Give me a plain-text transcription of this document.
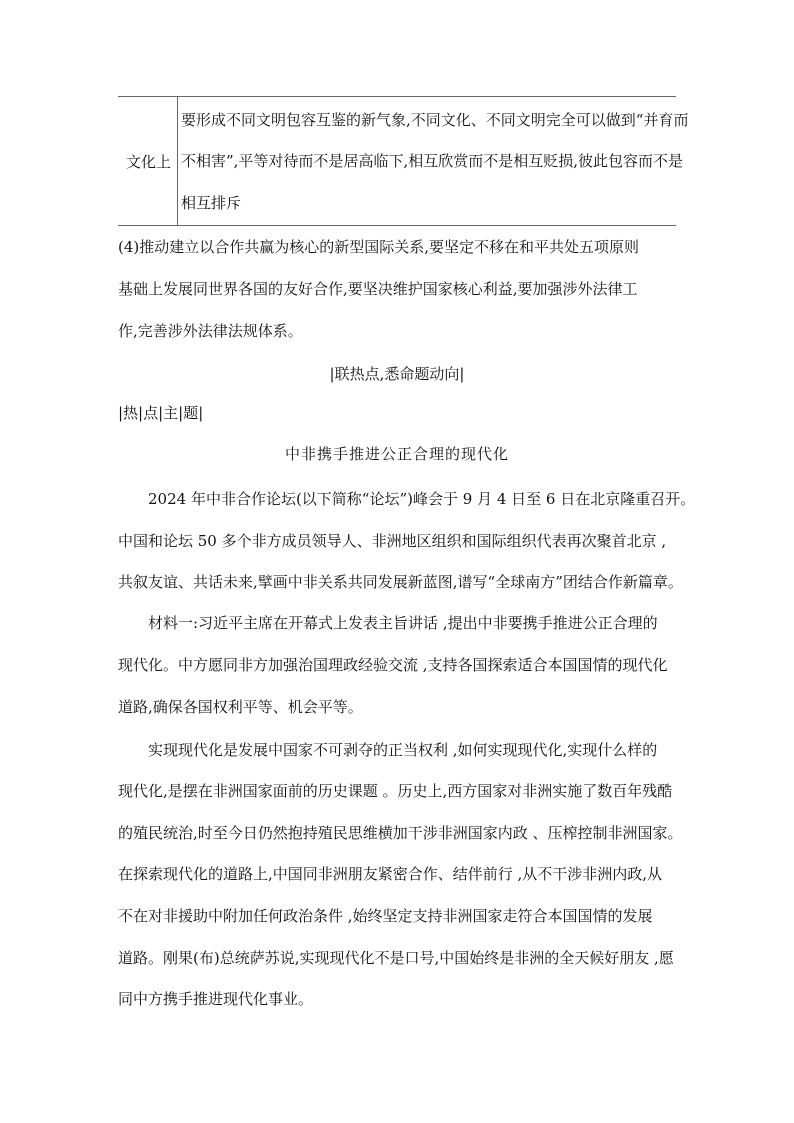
文化上
要形成不同文明包容互鉴的新气象,不同文化、不同文明完全可以做到“并育而
不相害”,平等对待而不是居高临下,相互欣赏而不是相互贬损,彼此包容而不是
相互排斥
(4)推动建立以合作共赢为核心的新型国际关系,要坚定不移在和平共处五项原则
基础上发展同世界各国的友好合作,要坚决维护国家核心利益,要加强涉外法律工
作,完善涉外法律法规体系。
|联热点,悉命题动向|
|热|点|主|题|
中非携手推进公正合理的现代化
2024 年中非合作论坛(以下简称“论坛”)峰会于 9 月 4 日至 6 日在北京隆重召开。
中国和论坛 50 多个非方成员领导人、非洲地区组织和国际组织代表再次聚首北京 ,
共叙友谊、共话未来,擘画中非关系共同发展新蓝图,谱写“全球南方”团结合作新篇章。
材料一:习近平主席在开幕式上发表主旨讲话 ,提出中非要携手推进公正合理的
现代化。中方愿同非方加强治国理政经验交流 ,支持各国探索适合本国国情的现代化
道路,确保各国权利平等、机会平等。
实现现代化是发展中国家不可剥夺的正当权利 ,如何实现现代化,实现什么样的
现代化,是摆在非洲国家面前的历史课题 。历史上,西方国家对非洲实施了数百年残酷
的殖民统治,时至今日仍然抱持殖民思维横加干涉非洲国家内政 、压榨控制非洲国家。
在探索现代化的道路上,中国同非洲朋友紧密合作、结伴前行 ,从不干涉非洲内政,从
不在对非援助中附加任何政治条件 ,始终坚定支持非洲国家走符合本国国情的发展
道路。刚果(布)总统萨苏说,实现现代化不是口号,中国始终是非洲的全天候好朋友 ,愿
同中方携手推进现代化事业。
